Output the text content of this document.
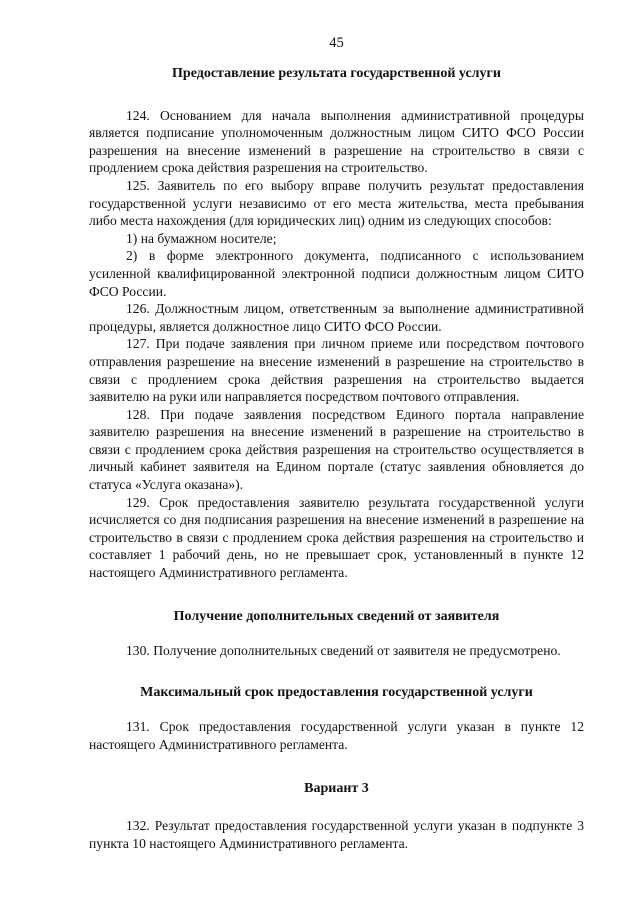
45
Предоставление результата государственной услуги

124. Основанием для начала выполнения административной процедуры является подписание уполномоченным должностным лицом СИТО ФСО России разрешения на внесение изменений в разрешение на строительство в связи с продлением срока действия разрешения на строительство.

125. Заявитель по его выбору вправе получить результат предоставления государственной услуги независимо от его места жительства, места пребывания либо места нахождения (для юридических лиц) одним из следующих способов:

1) на бумажном носителе;

2) в форме электронного документа, подписанного с использованием усиленной квалифицированной электронной подписи должностным лицом СИТО ФСО России.

126. Должностным лицом, ответственным за выполнение административной процедуры, является должностное лицо СИТО ФСО России.

127. При подаче заявления при личном приеме или посредством почтового отправления разрешение на внесение изменений в разрешение на строительство в связи с продлением срока действия разрешения на строительство выдается заявителю на руки или направляется посредством почтового отправления.

128. При подаче заявления посредством Единого портала направление заявителю разрешения на внесение изменений в разрешение на строительство в связи с продлением срока действия разрешения на строительство осуществляется в личный кабинет заявителя на Едином портале (статус заявления обновляется до статуса «Услуга оказана»).

129. Срок предоставления заявителю результата государственной услуги исчисляется со дня подписания разрешения на внесение изменений в разрешение на строительство в связи с продлением срока действия разрешения на строительство и составляет 1 рабочий день, но не превышает срок, установленный в пункте 12 настоящего Административного регламента.

Получение дополнительных сведений от заявителя

130. Получение дополнительных сведений от заявителя не предусмотрено.

Максимальный срок предоставления государственной услуги

131. Срок предоставления государственной услуги указан в пункте 12 настоящего Административного регламента.

Вариант 3

132. Результат предоставления государственной услуги указан в подпункте 3 пункта 10 настоящего Административного регламента.
